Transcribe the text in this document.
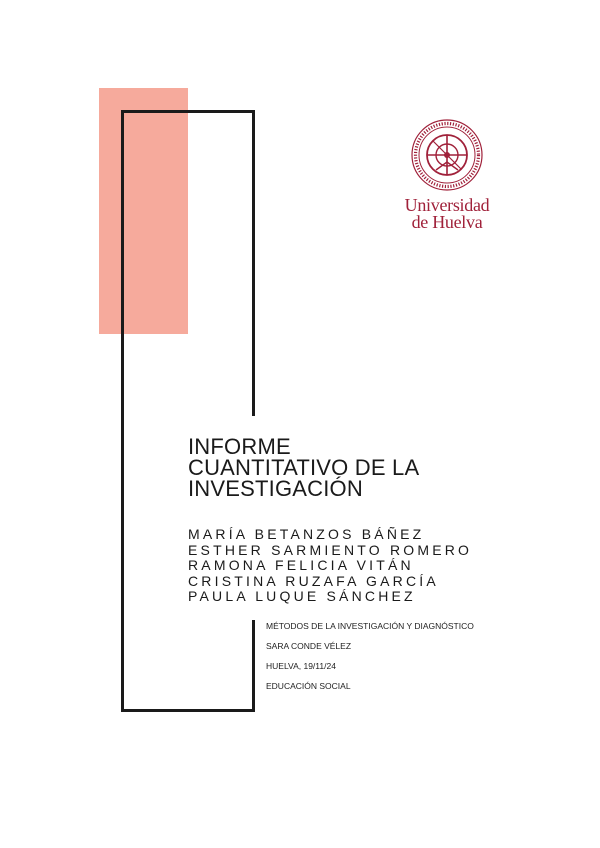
Universidad
de Huelva
INFORME
CUANTITATIVO DE LA
INVESTIGACIÓN
MARÍA BETANZOS BÁÑEZ
ESTHER SARMIENTO ROMERO
RAMONA FELICIA VITÁN
CRISTINA RUZAFA GARCÍA
PAULA LUQUE SÁNCHEZ
MÉTODOS DE LA INVESTIGACIÓN Y DIAGNÓSTICO
SARA CONDE VÉLEZ
HUELVA, 19/11/24
EDUCACIÓN SOCIAL
